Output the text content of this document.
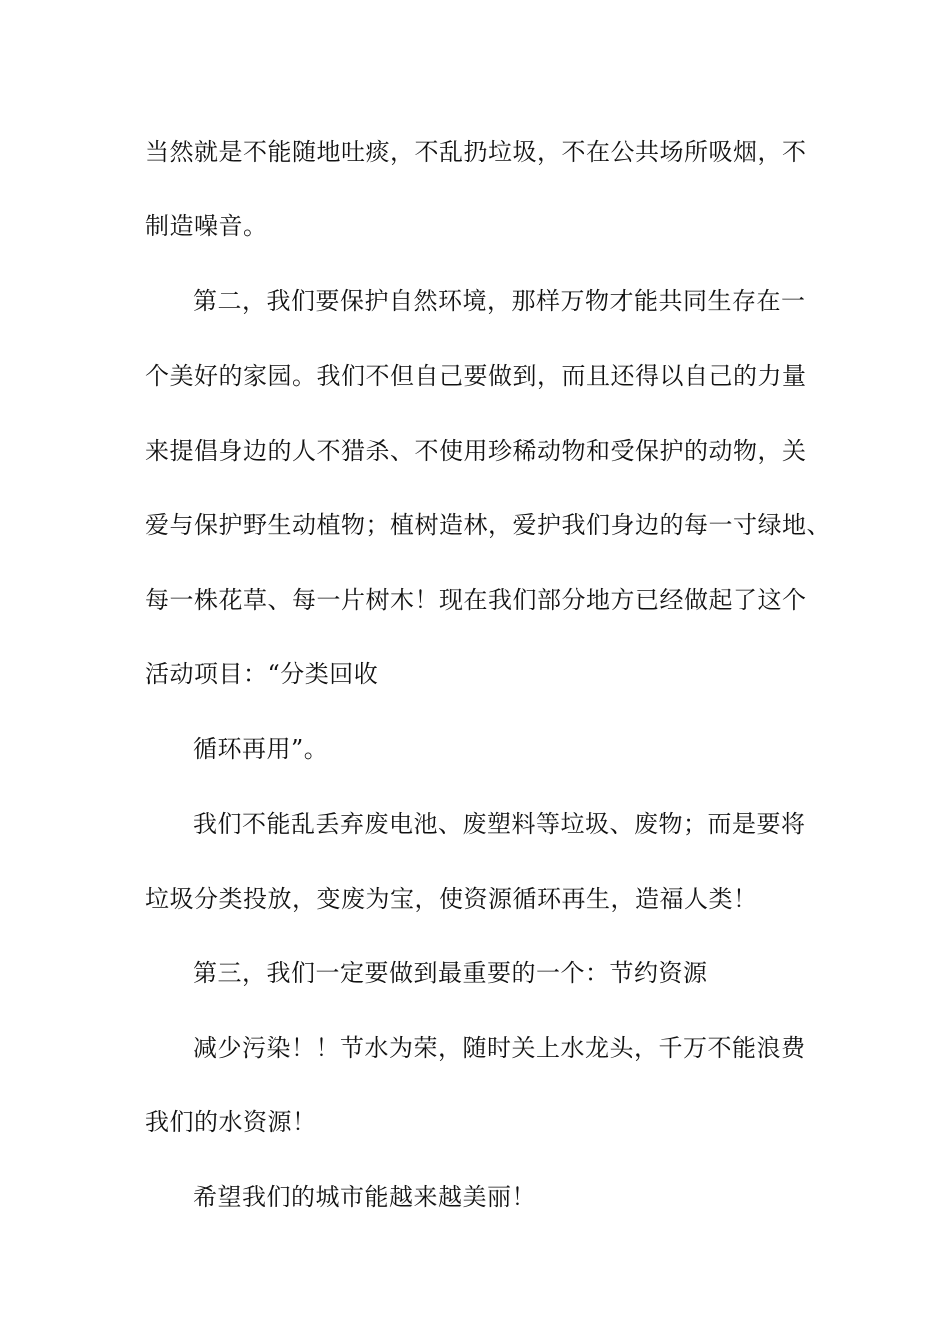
当然就是不能随地吐痰，不乱扔垃圾，不在公共场所吸烟，不
制造噪音。
第二，我们要保护自然环境，那样万物才能共同生存在一
个美好的家园。我们不但自己要做到，而且还得以自己的力量
来提倡身边的人不猎杀、不使用珍稀动物和受保护的动物，关
爱与保护野生动植物；植树造林，爱护我们身边的每一寸绿地、
每一株花草、每一片树木！现在我们部分地方已经做起了这个
活动项目：“分类回收
循环再用”。
我们不能乱丢弃废电池、废塑料等垃圾、废物；而是要将
垃圾分类投放，变废为宝，使资源循环再生，造福人类！
第三，我们一定要做到最重要的一个：节约资源
减少污染！！节水为荣，随时关上水龙头，千万不能浪费
我们的水资源！
希望我们的城市能越来越美丽！
